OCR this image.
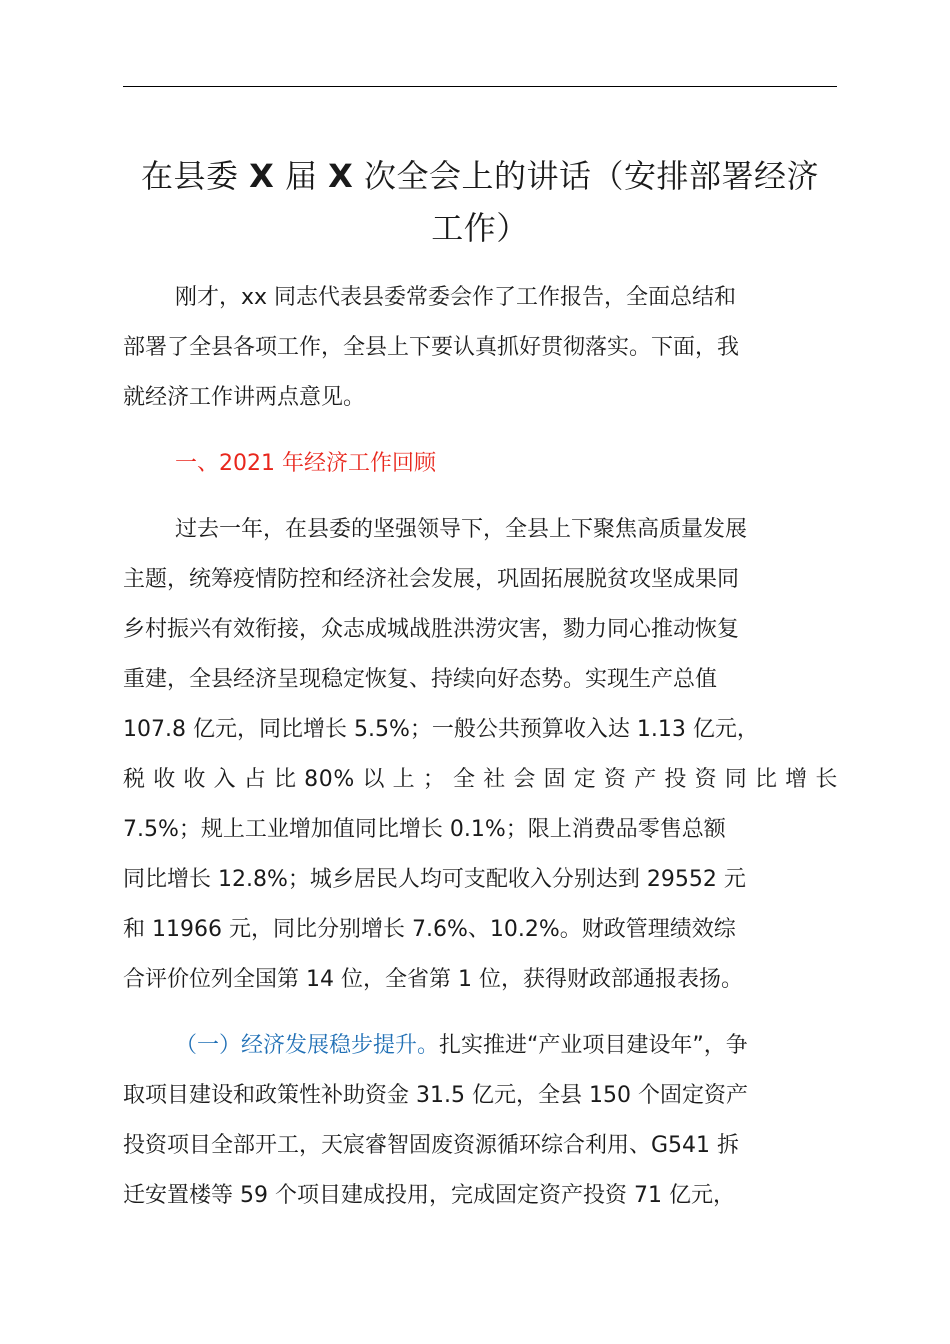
在县委 X 届 X 次全会上的讲话（安排部署经济
工作）

刚才，xx 同志代表县委常委会作了工作报告，全面总结和
部署了全县各项工作，全县上下要认真抓好贯彻落实。下面，我
就经济工作讲两点意见。

一、2021 年经济工作回顾

过去一年，在县委的坚强领导下，全县上下聚焦高质量发展
主题，统筹疫情防控和经济社会发展，巩固拓展脱贫攻坚成果同
乡村振兴有效衔接，众志成城战胜洪涝灾害，勠力同心推动恢复
重建，全县经济呈现稳定恢复、持续向好态势。实现生产总值
107.8 亿元，同比增长 5.5%；一般公共预算收入达 1.13 亿元，
税 收 收 入 占 比 80% 以 上 ； 全 社 会 固 定 资 产 投 资 同 比 增 长
7.5%；规上工业增加值同比增长 0.1%；限上消费品零售总额
同比增长 12.8%；城乡居民人均可支配收入分别达到 29552 元
和 11966 元，同比分别增长 7.6%、10.2%。财政管理绩效综
合评价位列全国第 14 位，全省第 1 位，获得财政部通报表扬。

（一）经济发展稳步提升。扎实推进“产业项目建设年”，争
取项目建设和政策性补助资金 31.5 亿元，全县 150 个固定资产
投资项目全部开工，天宸睿智固废资源循环综合利用、G541 拆
迁安置楼等 59 个项目建成投用，完成固定资产投资 71 亿元，
